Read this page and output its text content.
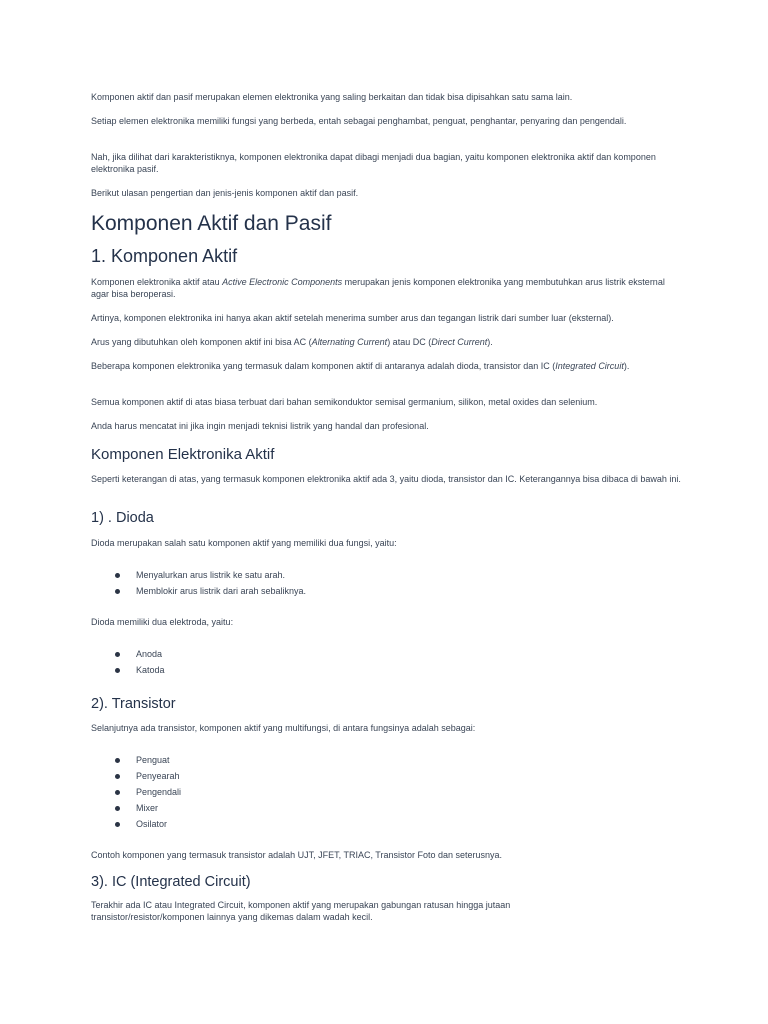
Komponen aktif dan pasif merupakan elemen elektronika yang saling berkaitan dan tidak bisa dipisahkan satu sama lain.

Setiap elemen elektronika memiliki fungsi yang berbeda, entah sebagai penghambat, penguat, penghantar, penyaring dan pengendali.

Nah, jika dilihat dari karakteristiknya, komponen elektronika dapat dibagi menjadi dua bagian, yaitu komponen elektronika aktif dan komponen elektronika pasif.

Berikut ulasan pengertian dan jenis-jenis komponen aktif dan pasif.

Komponen Aktif dan Pasif
1. Komponen Aktif

Komponen elektronika aktif atau Active Electronic Components merupakan jenis komponen elektronika yang membutuhkan arus listrik eksternal agar bisa beroperasi.

Artinya, komponen elektronika ini hanya akan aktif setelah menerima sumber arus dan tegangan listrik dari sumber luar (eksternal).

Arus yang dibutuhkan oleh komponen aktif ini bisa AC (Alternating Current) atau DC (Direct Current).

Beberapa komponen elektronika yang termasuk dalam komponen aktif di antaranya adalah dioda, transistor dan IC (Integrated Circuit).

Semua komponen aktif di atas biasa terbuat dari bahan semikonduktor semisal germanium, silikon, metal oxides dan selenium.

Anda harus mencatat ini jika ingin menjadi teknisi listrik yang handal dan profesional.

Komponen Elektronika Aktif

Seperti keterangan di atas, yang termasuk komponen elektronika aktif ada 3, yaitu dioda, transistor dan IC. Keterangannya bisa dibaca di bawah ini.

1) . Dioda

Dioda merupakan salah satu komponen aktif yang memiliki dua fungsi, yaitu:

Menyalurkan arus listrik ke satu arah.
Memblokir arus listrik dari arah sebaliknya.

Dioda memiliki dua elektroda, yaitu:

Anoda
Katoda
2). Transistor

Selanjutnya ada transistor, komponen aktif yang multifungsi, di antara fungsinya adalah sebagai:

Penguat
Penyearah
Pengendali
Mixer
Osilator

Contoh komponen yang termasuk transistor adalah UJT, JFET, TRIAC, Transistor Foto dan seterusnya.

3). IC (Integrated Circuit)

Terakhir ada IC atau Integrated Circuit, komponen aktif yang merupakan gabungan ratusan hingga jutaan transistor/resistor/komponen lainnya yang dikemas dalam wadah kecil.
